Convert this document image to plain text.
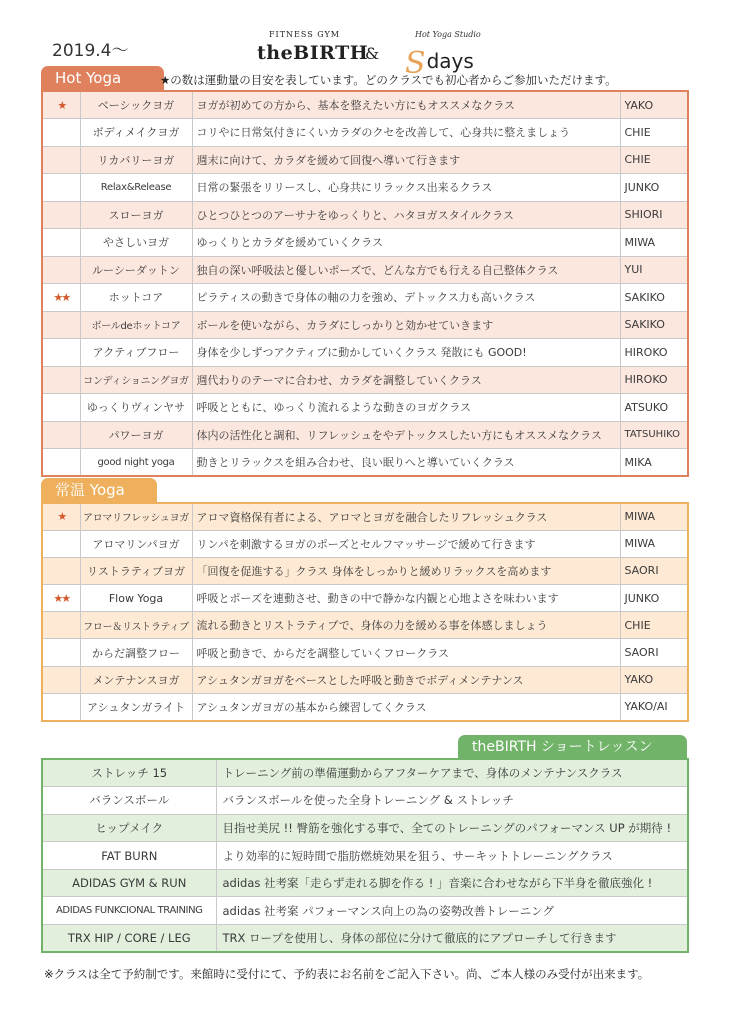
2019.4～
FITNESS GYM
theBIRTH
&
Hot Yoga Studio
Sdays
Hot Yoga	★の数は運動量の目安を表しています。どのクラスでも初心者からご参加いただけます。
★	ベーシックヨガ	ヨガが初めての方から、基本を整えたい方にもオススメなクラス	YAKO
	ボディメイクヨガ	コリやに日常気付きにくいカラダのクセを改善して、心身共に整えましょう	CHIE
	リカバリーヨガ	週末に向けて、カラダを緩めて回復へ導いて行きます	CHIE
	Relax&Release	日常の緊張をリリースし、心身共にリラックス出来るクラス	JUNKO
	スローヨガ	ひとつひとつのアーサナをゆっくりと、ハタヨガスタイルクラス	SHIORI
	やさしいヨガ	ゆっくりとカラダを緩めていくクラス	MIWA
	ルーシーダットン	独自の深い呼吸法と優しいポーズで、どんな方でも行える自己整体クラス	YUI
★★	ホットコア	ピラティスの動きで身体の軸の力を強め、デトックス力も高いクラス	SAKIKO
	ボールdeホットコア	ボールを使いながら、カラダにしっかりと効かせていきます	SAKIKO
	アクティブフロー	身体を少しずつアクティブに動かしていくクラス 発散にも GOOD!	HIROKO
	コンディショニングヨガ	週代わりのテーマに合わせ、カラダを調整していくクラス	HIROKO
	ゆっくりヴィンヤサ	呼吸とともに、ゆっくり流れるような動きのヨガクラス	ATSUKO
	パワーヨガ	体内の活性化と調和、リフレッシュをやデトックスしたい方にもオススメなクラス	TATSUHIKO
	good night yoga	動きとリラックスを組み合わせ、良い眠りへと導いていくクラス	MIKA
常温 Yoga
★	アロマリフレッシュヨガ	アロマ資格保有者による、アロマとヨガを融合したリフレッシュクラス	MIWA
	アロマリンパヨガ	リンパを刺激するヨガのポーズとセルフマッサージで緩めて行きます	MIWA
	リストラティブヨガ	「回復を促進する」クラス 身体をしっかりと緩めリラックスを高めます	SAORI
★★	Flow Yoga	呼吸とポーズを連動させ、動きの中で静かな内観と心地よさを味わいます	JUNKO
	フロー＆リストラティブ	流れる動きとリストラティブで、身体の力を緩める事を体感しましょう	CHIE
	からだ調整フロー	呼吸と動きで、からだを調整していくフロークラス	SAORI
	メンテナンスヨガ	アシュタンガヨガをベースとした呼吸と動きでボディメンテナンス	YAKO
	アシュタンガライト	アシュタンガヨガの基本から練習してくクラス	YAKO/AI
theBIRTH ショートレッスン
ストレッチ 15	トレーニング前の準備運動からアフターケアまで、身体のメンテナンスクラス
バランスボール	バランスボールを使った全身トレーニング & ストレッチ
ヒップメイク	目指せ美尻 !! 臀筋を強化する事で、全てのトレーニングのパフォーマンス UP が期待 !
FAT BURN	より効率的に短時間で脂肪燃焼効果を狙う、サーキットトレーニングクラス
ADIDAS GYM & RUN	adidas 社考案「走らず走れる脚を作る ! 」音楽に合わせながら下半身を徹底強化 !
ADIDAS FUNKCIONAL TRAINING	adidas 社考案 パフォーマンス向上の為の姿勢改善トレーニング
TRX HIP / CORE / LEG	TRX ロープを使用し、身体の部位に分けて徹底的にアプローチして行きます
※クラスは全て予約制です。来館時に受付にて、予約表にお名前をご記入下さい。尚、ご本人様のみ受付が出来ます。
